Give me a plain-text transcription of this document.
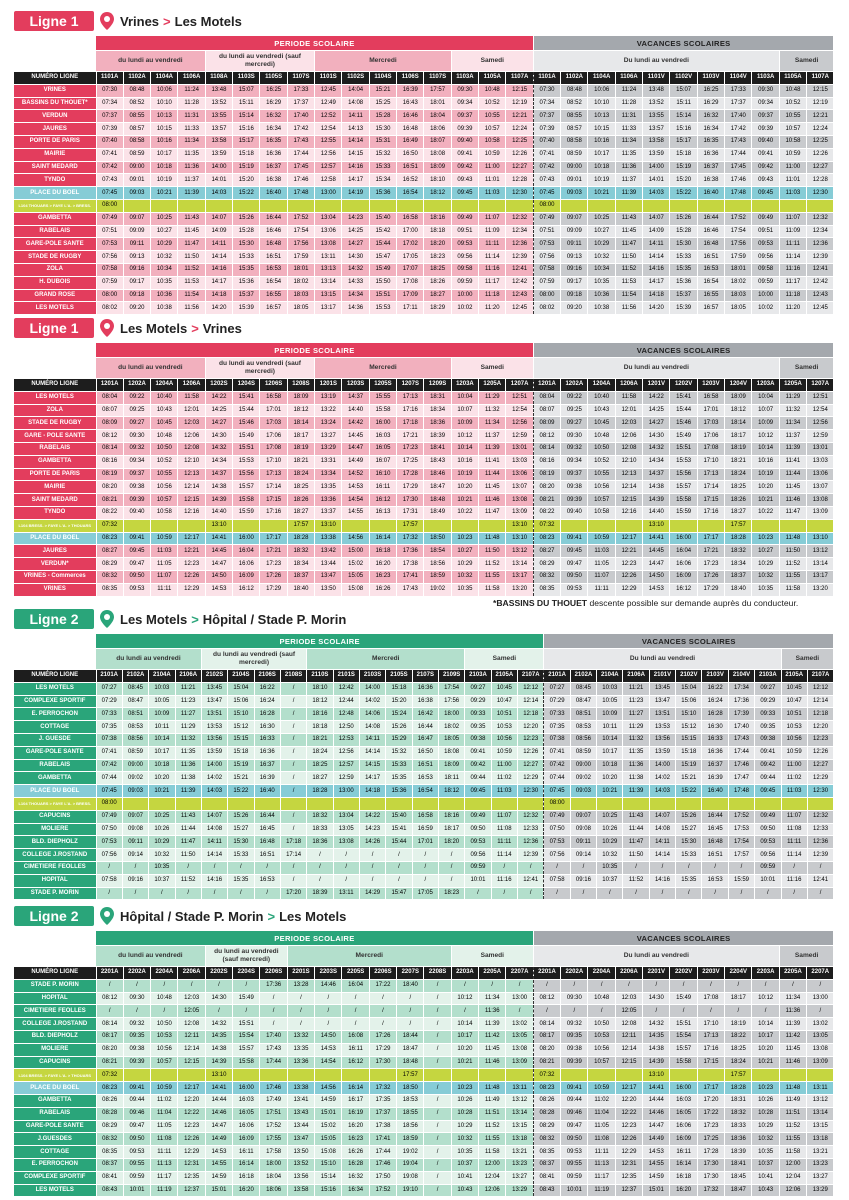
Ligne 1	Vrines > Les Motels
	PERIODE SCOLAIRE																VACANCES SCOLAIRES										
	du lundi au vendredi				du lundi au vendredi (sauf mercredi)				Mercredi					Samedi			Du lundi au vendredi									Samedi	
NUMÉRO LIGNE	1101A	1102A	1104A	1106A	1108A	1103S	1105S	1107S	1101S	1102S	1104S	1106S	1107S	1103A	1105A	1107A	1101A	1102A	1104A	1106A	1101V	1102V	1103V	1104V	1103A	1105A	1107A
VRINES	07:30	08:48	10:06	11:24	13:48	15:07	16:25	17:33	12:45	14:04	15:21	16:39	17:57	09:30	10:48	12:15	07:30	08:48	10:06	11:24	13:48	15:07	16:25	17:33	09:30	10:48	12:15
BASSINS DU THOUET*	07:34	08:52	10:10	11:28	13:52	15:11	16:29	17:37	12:49	14:08	15:25	16:43	18:01	09:34	10:52	12:19	07:34	08:52	10:10	11:28	13:52	15:11	16:29	17:37	09:34	10:52	12:19
VERDUN	07:37	08:55	10:13	11:31	13:55	15:14	16:32	17:40	12:52	14:11	15:28	16:46	18:04	09:37	10:55	12:21	07:37	08:55	10:13	11:31	13:55	15:14	16:32	17:40	09:37	10:55	12:21
JAURES	07:39	08:57	10:15	11:33	13:57	15:16	16:34	17:42	12:54	14:13	15:30	16:48	18:06	09:39	10:57	12:24	07:39	08:57	10:15	11:33	13:57	15:16	16:34	17:42	09:39	10:57	12:24
PORTE DE PARIS	07:40	08:58	10:16	11:34	13:58	15:17	16:35	17:43	12:55	14:14	15:31	16:49	18:07	09:40	10:58	12:25	07:40	08:58	10:16	11:34	13:58	15:17	16:35	17:43	09:40	10:58	12:25
MAIRIE	07:41	08:59	10:17	11:35	13:59	15:18	16:36	17:44	12:56	14:15	15:32	16:50	18:08	09:41	10:59	12:26	07:41	08:59	10:17	11:35	13:59	15:18	16:36	17:44	09:41	10:59	12:26
SAINT MEDARD	07:42	09:00	10:18	11:36	14:00	15:19	16:37	17:45	12:57	14:16	15:33	16:51	18:09	09:42	11:00	12:27	07:42	09:00	10:18	11:36	14:00	15:19	16:37	17:45	09:42	11:00	12:27
TYNDO	07:43	09:01	10:19	11:37	14:01	15:20	16:38	17:46	12:58	14:17	15:34	16:52	18:10	09:43	11:01	12:28	07:43	09:01	10:19	11:37	14:01	15:20	16:38	17:46	09:43	11:01	12:28
PLACE DU BOEL	07:45	09:03	10:21	11:39	14:03	15:22	16:40	17:48	13:00	14:19	15:36	16:54	18:12	09:45	11:03	12:30	07:45	09:03	10:21	11:39	14:03	15:22	16:40	17:48	09:45	11:03	12:30
L104 THOUARS > FAYE L'A. > BRESS.	08:00																08:00										
GAMBETTA	07:49	09:07	10:25	11:43	14:07	15:26	16:44	17:52	13:04	14:23	15:40	16:58	18:16	09:49	11:07	12:32	07:49	09:07	10:25	11:43	14:07	15:26	16:44	17:52	09:49	11:07	12:32
RABELAIS	07:51	09:09	10:27	11:45	14:09	15:28	16:46	17:54	13:06	14:25	15:42	17:00	18:18	09:51	11:09	12:34	07:51	09:09	10:27	11:45	14:09	15:28	16:46	17:54	09:51	11:09	12:34
GARE-POLE SANTE	07:53	09:11	10:29	11:47	14:11	15:30	16:48	17:56	13:08	14:27	15:44	17:02	18:20	09:53	11:11	12:36	07:53	09:11	10:29	11:47	14:11	15:30	16:48	17:56	09:53	11:11	12:36
STADE DE RUGBY	07:56	09:13	10:32	11:50	14:14	15:33	16:51	17:59	13:11	14:30	15:47	17:05	18:23	09:56	11:14	12:39	07:56	09:13	10:32	11:50	14:14	15:33	16:51	17:59	09:56	11:14	12:39
ZOLA	07:58	09:16	10:34	11:52	14:16	15:35	16:53	18:01	13:13	14:32	15:49	17:07	18:25	09:58	11:16	12:41	07:58	09:16	10:34	11:52	14:16	15:35	16:53	18:01	09:58	11:16	12:41
H. DUBOIS	07:59	09:17	10:35	11:53	14:17	15:36	16:54	18:02	13:14	14:33	15:50	17:08	18:26	09:59	11:17	12:42	07:59	09:17	10:35	11:53	14:17	15:36	16:54	18:02	09:59	11:17	12:42
GRAND ROSE	08:00	09:18	10:36	11:54	14:18	15:37	16:55	18:03	13:15	14:34	15:51	17:09	18:27	10:00	11:18	12:43	08:00	09:18	10:36	11:54	14:18	15:37	16:55	18:03	10:00	11:18	12:43
LES MOTELS	08:02	09:20	10:38	11:56	14:20	15:39	16:57	18:05	13:17	14:36	15:53	17:11	18:29	10:02	11:20	12:45	08:02	09:20	10:38	11:56	14:20	15:39	16:57	18:05	10:02	11:20	12:45
Ligne 1	Les Motels > Vrines
	PERIODE SCOLAIRE																VACANCES SCOLAIRES										
	du lundi au vendredi				du lundi au vendredi (sauf mercredi)				Mercredi					Samedi			Du lundi au vendredi									Samedi	
NUMÉRO LIGNE	1201A	1202A	1204A	1206A	1202S	1204S	1206S	1208S	1201S	1203S	1205S	1207S	1209S	1203A	1205A	1207A	1201A	1202A	1204A	1206A	1201V	1202V	1203V	1204V	1203A	1205A	1207A
LES MOTELS	08:04	09:22	10:40	11:58	14:22	15:41	16:58	18:09	13:19	14:37	15:55	17:13	18:31	10:04	11:29	12:51	08:04	09:22	10:40	11:58	14:22	15:41	16:58	18:09	10:04	11:29	12:51
ZOLA	08:07	09:25	10:43	12:01	14:25	15:44	17:01	18:12	13:22	14:40	15:58	17:16	18:34	10:07	11:32	12:54	08:07	09:25	10:43	12:01	14:25	15:44	17:01	18:12	10:07	11:32	12:54
STADE DE RUGBY	08:09	09:27	10:45	12:03	14:27	15:46	17:03	18:14	13:24	14:42	16:00	17:18	18:36	10:09	11:34	12:56	08:09	09:27	10:45	12:03	14:27	15:46	17:03	18:14	10:09	11:34	12:56
GARE - POLE SANTE	08:12	09:30	10:48	12:06	14:30	15:49	17:06	18:17	13:27	14:45	16:03	17:21	18:39	10:12	11:37	12:59	08:12	09:30	10:48	12:06	14:30	15:49	17:06	18:17	10:12	11:37	12:59
RABELAIS	08:14	09:32	10:50	12:08	14:32	15:51	17:08	18:19	13:29	14:47	16:05	17:23	18:41	10:14	11:39	13:01	08:14	09:32	10:50	12:08	14:32	15:51	17:08	18:19	10:14	11:39	13:01
GAMBETTA	08:16	09:34	10:52	12:10	14:34	15:53	17:10	18:21	13:31	14:49	16:07	17:25	18:43	10:16	11:41	13:03	08:16	09:34	10:52	12:10	14:34	15:53	17:10	18:21	10:16	11:41	13:03
PORTE DE PARIS	08:19	09:37	10:55	12:13	14:37	15:56	17:13	18:24	13:34	14:52	16:10	17:28	18:46	10:19	11:44	13:06	08:19	09:37	10:55	12:13	14:37	15:56	17:13	18:24	10:19	11:44	13:06
MAIRIE	08:20	09:38	10:56	12:14	14:38	15:57	17:14	18:25	13:35	14:53	16:11	17:29	18:47	10:20	11:45	13:07	08:20	09:38	10:56	12:14	14:38	15:57	17:14	18:25	10:20	11:45	13:07
SAINT MEDARD	08:21	09:39	10:57	12:15	14:39	15:58	17:15	18:26	13:36	14:54	16:12	17:30	18:48	10:21	11:46	13:08	08:21	09:39	10:57	12:15	14:39	15:58	17:15	18:26	10:21	11:46	13:08
TYNDO	08:22	09:40	10:58	12:16	14:40	15:59	17:16	18:27	13:37	14:55	16:13	17:31	18:49	10:22	11:47	13:09	08:22	09:40	10:58	12:16	14:40	15:59	17:16	18:27	10:22	11:47	13:09
L104 BRESS. > FAYE L'A. > THOUARS	07:32				13:10			17:57	13:10			17:57				13:10	07:32				13:10			17:57			
PLACE DU BOEL	08:23	09:41	10:59	12:17	14:41	16:00	17:17	18:28	13:38	14:56	16:14	17:32	18:50	10:23	11:48	13:10	08:23	09:41	10:59	12:17	14:41	16:00	17:17	18:28	10:23	11:48	13:10
JAURES	08:27	09:45	11:03	12:21	14:45	16:04	17:21	18:32	13:42	15:00	16:18	17:36	18:54	10:27	11:50	13:12	08:27	09:45	11:03	12:21	14:45	16:04	17:21	18:32	10:27	11:50	13:12
VERDUN*	08:29	09:47	11:05	12:23	14:47	16:06	17:23	18:34	13:44	15:02	16:20	17:38	18:56	10:29	11:52	13:14	08:29	09:47	11:05	12:23	14:47	16:06	17:23	18:34	10:29	11:52	13:14
VRINES - Commerces	08:32	09:50	11:07	12:26	14:50	16:09	17:26	18:37	13:47	15:05	16:23	17:41	18:59	10:32	11:55	13:17	08:32	09:50	11:07	12:26	14:50	16:09	17:26	18:37	10:32	11:55	13:17
VRINES	08:35	09:53	11:11	12:29	14:53	16:12	17:29	18:40	13:50	15:08	16:26	17:43	19:02	10:35	11:58	13:20	08:35	09:53	11:11	12:29	14:53	16:12	17:29	18:40	10:35	11:58	13:20
Ligne 2	Les Motels > Hôpital / Stade P. Morin
	PERIODE SCOLAIRE																	VACANCES SCOLAIRES										
	du lundi au vendredi				du lundi au vendredi (sauf mercredi)				Mercredi						Samedi			Du lundi au vendredi									Samedi	
NUMÉRO LIGNE	2101A	2102A	2104A	2106A	2102S	2104S	2106S	2108S	2110S	2101S	2103S	2105S	2107S	2109S	2103A	2105A	2107A	2101A	2102A	2104A	2106A	2101V	2102V	2103V	2104V	2103A	2105A	2107A
LES MOTELS	07:27	08:45	10:03	11:21	13:45	15:04	16:22	/	18:10	12:42	14:00	15:18	16:36	17:54	09:27	10:45	12:12	07:27	08:45	10:03	11:21	13:45	15:04	16:22	17:34	09:27	10:45	12:12
COMPLEXE SPORTIF	07:29	08:47	10:05	11:23	13:47	15:06	16:24	/	18:12	12:44	14:02	15:20	16:38	17:56	09:29	10:47	12:14	07:29	08:47	10:05	11:23	13:47	15:06	16:24	17:36	09:29	10:47	12:14
E. PERROCHON	07:33	08:51	10:09	11:27	13:51	15:10	16:28	/	18:16	12:48	14:06	15:24	16:42	18:00	09:33	10:51	12:18	07:33	08:51	10:09	11:27	13:51	15:10	16:28	17:39	09:33	10:51	12:18
COTTAGE	07:35	08:53	10:11	11:29	13:53	15:12	16:30	/	18:18	12:50	14:08	15:26	16:44	18:02	09:35	10:53	12:20	07:35	08:53	10:11	11:29	13:53	15:12	16:30	17:40	09:35	10:53	12:20
J. GUESDE	07:38	08:56	10:14	11:32	13:56	15:15	16:33	/	18:21	12:53	14:11	15:29	16:47	18:05	09:38	10:56	12:23	07:38	08:56	10:14	11:32	13:56	15:15	16:33	17:43	09:38	10:56	12:23
GARE-POLE SANTE	07:41	08:59	10:17	11:35	13:59	15:18	16:36	/	18:24	12:56	14:14	15:32	16:50	18:08	09:41	10:59	12:26	07:41	08:59	10:17	11:35	13:59	15:18	16:36	17:44	09:41	10:59	12:26
RABELAIS	07:42	09:00	10:18	11:36	14:00	15:19	16:37	/	18:25	12:57	14:15	15:33	16:51	18:09	09:42	11:00	12:27	07:42	09:00	10:18	11:36	14:00	15:19	16:37	17:46	09:42	11:00	12:27
GAMBETTA	07:44	09:02	10:20	11:38	14:02	15:21	16:39	/	18:27	12:59	14:17	15:35	16:53	18:11	09:44	11:02	12:29	07:44	09:02	10:20	11:38	14:02	15:21	16:39	17:47	09:44	11:02	12:29
PLACE DU BOEL	07:45	09:03	10:21	11:39	14:03	15:22	16:40	/	18:28	13:00	14:18	15:36	16:54	18:12	09:45	11:03	12:30	07:45	09:03	10:21	11:39	14:03	15:22	16:40	17:48	09:45	11:03	12:30
L104 THOUARS > FAYE L'A. > BRESS.	08:00																	08:00										
CAPUCINS	07:49	09:07	10:25	11:43	14:07	15:26	16:44	/	18:32	13:04	14:22	15:40	16:58	18:16	09:49	11:07	12:32	07:49	09:07	10:25	11:43	14:07	15:26	16:44	17:52	09:49	11:07	12:32
MOLIERE	07:50	09:08	10:26	11:44	14:08	15:27	16:45	/	18:33	13:05	14:23	15:41	16:59	18:17	09:50	11:08	12:33	07:50	09:08	10:26	11:44	14:08	15:27	16:45	17:53	09:50	11:08	12:33
BLD. DIEPHOLZ	07:53	09:11	10:29	11:47	14:11	15:30	16:48	17:18	18:36	13:08	14:26	15:44	17:01	18:20	09:53	11:11	12:36	07:53	09:11	10:29	11:47	14:11	15:30	16:48	17:54	09:53	11:11	12:36
COLLEGE J.ROSTAND	07:56	09:14	10:32	11:50	14:14	15:33	16:51	17:14	/	/	/	/	/	/	09:56	11:14	12:39	07:56	09:14	10:32	11:50	14:14	15:33	16:51	17:57	09:56	11:14	12:39
CIMETIERE FEOLLES	/	/	10:35	/	/	/	/	/	/	/	/	/	/	/	09:59	/	/	/	/	10:35	/	/	/	/	/	09:59	/	/
HOPITAL	07:58	09:16	10:37	11:52	14:16	15:35	16:53	/	/	/	/	/	/	/	10:01	11:16	12:41	07:58	09:16	10:37	11:52	14:16	15:35	16:53	15:59	10:01	11:16	12:41
STADE P. MORIN	/	/	/	/	/	/	/	17:20	18:39	13:11	14:29	15:47	17:05	18:23	/	/	/	/	/	/	/	/	/	/	/	/	/	/
Ligne 2	Hôpital / Stade P. Morin > Les Motels
	PERIODE SCOLAIRE																VACANCES SCOLAIRES										
	du lundi au vendredi				du lundi au vendredi (sauf mercredi)			Mercredi						Samedi			Du lundi au vendredi									Samedi	
NUMÉRO LIGNE	2201A	2202A	2204A	2206A	2202S	2204S	2206S	2201S	2203S	2205S	2206S	2207S	2208S	2203A	2205A	2207A	2201A	2202A	2204A	2206A	2201V	2202V	2203V	2204V	2203A	2205A	2207A
STADE P. MORIN	/	/	/	/	/	/	17:36	13:28	14:46	16:04	17:22	18:40	/	/	/	/	/	/	/	/	/	/	/	/	/	/	/
HOPITAL	08:12	09:30	10:48	12:03	14:30	15:49	/	/	/	/	/	/	/	10:12	11:34	13:00	08:12	09:30	10:48	12:03	14:30	15:49	17:08	18:17	10:12	11:34	13:00
CIMETIERE FEOLLES	/	/	/	12:05	/	/	/	/	/	/	/	/	/	/	11:36	/	/	/	/	12:05	/	/	/	/	/	11:36	/
COLLEGE J.ROSTAND	08:14	09:32	10:50	12:08	14:32	15:51	/	/	/	/	/	/	/	10:14	11:39	13:02	08:14	09:32	10:50	12:08	14:32	15:51	17:10	18:19	10:14	11:39	13:02
BLD. DIEPHOLZ	08:17	09:35	10:53	12:11	14:35	15:54	17:40	13:32	14:50	16:08	17:26	18:44	/	10:17	11:42	13:05	08:17	09:35	10:53	12:11	14:35	15:54	17:13	18:22	10:17	11:42	13:05
MOLIERE	08:20	09:38	10:56	12:14	14:38	15:57	17:43	13:35	14:53	16:11	17:29	18:47	/	10:20	11:45	13:08	08:20	09:38	10:56	12:14	14:38	15:57	17:16	18:25	10:20	11:45	13:08
CAPUCINS	08:21	09:39	10:57	12:15	14:39	15:58	17:44	13:36	14:54	16:12	17:30	18:48	/	10:21	11:46	13:09	08:21	09:39	10:57	12:15	14:39	15:58	17:15	18:24	10:21	11:46	13:09
L104 BRESS. > FAYE L'A. > THOUARS	07:32				13:10							17:57					07:32				13:10			17:57			
PLACE DU BOEL	08:23	09:41	10:59	12:17	14:41	16:00	17:46	13:38	14:56	16:14	17:32	18:50	/	10:23	11:48	13:11	08:23	09:41	10:59	12:17	14:41	16:00	17:17	18:28	10:23	11:48	13:11
GAMBETTA	08:26	09:44	11:02	12:20	14:44	16:03	17:49	13:41	14:59	16:17	17:35	18:53	/	10:26	11:49	13:12	08:26	09:44	11:02	12:20	14:44	16:03	17:20	18:31	10:26	11:49	13:12
RABELAIS	08:28	09:46	11:04	12:22	14:46	16:05	17:51	13:43	15:01	16:19	17:37	18:55	/	10:28	11:51	13:14	08:28	09:46	11:04	12:22	14:46	16:05	17:22	18:32	10:28	11:51	13:14
GARE-POLE SANTE	08:29	09:47	11:05	12:23	14:47	16:06	17:52	13:44	15:02	16:20	17:38	18:56	/	10:29	11:52	13:15	08:29	09:47	11:05	12:23	14:47	16:06	17:23	18:33	10:29	11:52	13:15
J.GUESDES	08:32	09:50	11:08	12:26	14:49	16:09	17:55	13:47	15:05	16:23	17:41	18:59	/	10:32	11:55	13:18	08:32	09:50	11:08	12:26	14:49	16:09	17:25	18:36	10:32	11:55	13:18
COTTAGE	08:35	09:53	11:11	12:29	14:53	16:11	17:58	13:50	15:08	16:26	17:44	19:02	/	10:35	11:58	13:21	08:35	09:53	11:11	12:29	14:53	16:11	17:28	18:39	10:35	11:58	13:21
E. PERROCHON	08:37	09:55	11:13	12:31	14:55	16:14	18:00	13:52	15:10	16:28	17:46	19:04	/	10:37	12:00	13:23	08:37	09:55	11:13	12:31	14:55	16:14	17:30	18:41	10:37	12:00	13:23
COMPLEXE SPORTIF	08:41	09:59	11:17	12:35	14:59	16:18	18:04	13:56	15:14	16:32	17:50	19:08	/	10:41	12:04	13:27	08:41	09:59	11:17	12:35	14:59	16:18	17:30	18:45	10:41	12:04	13:27
LES MOTELS	08:43	10:01	11:19	12:37	15:01	16:20	18:06	13:58	15:16	16:34	17:52	19:10	/	10:43	12:06	13:29	08:43	10:01	11:19	12:37	15:01	16:20	17:32	18:47	10:43	12:06	13:29
*BASSINS DU THOUET descente possible sur demande auprès du conducteur.
